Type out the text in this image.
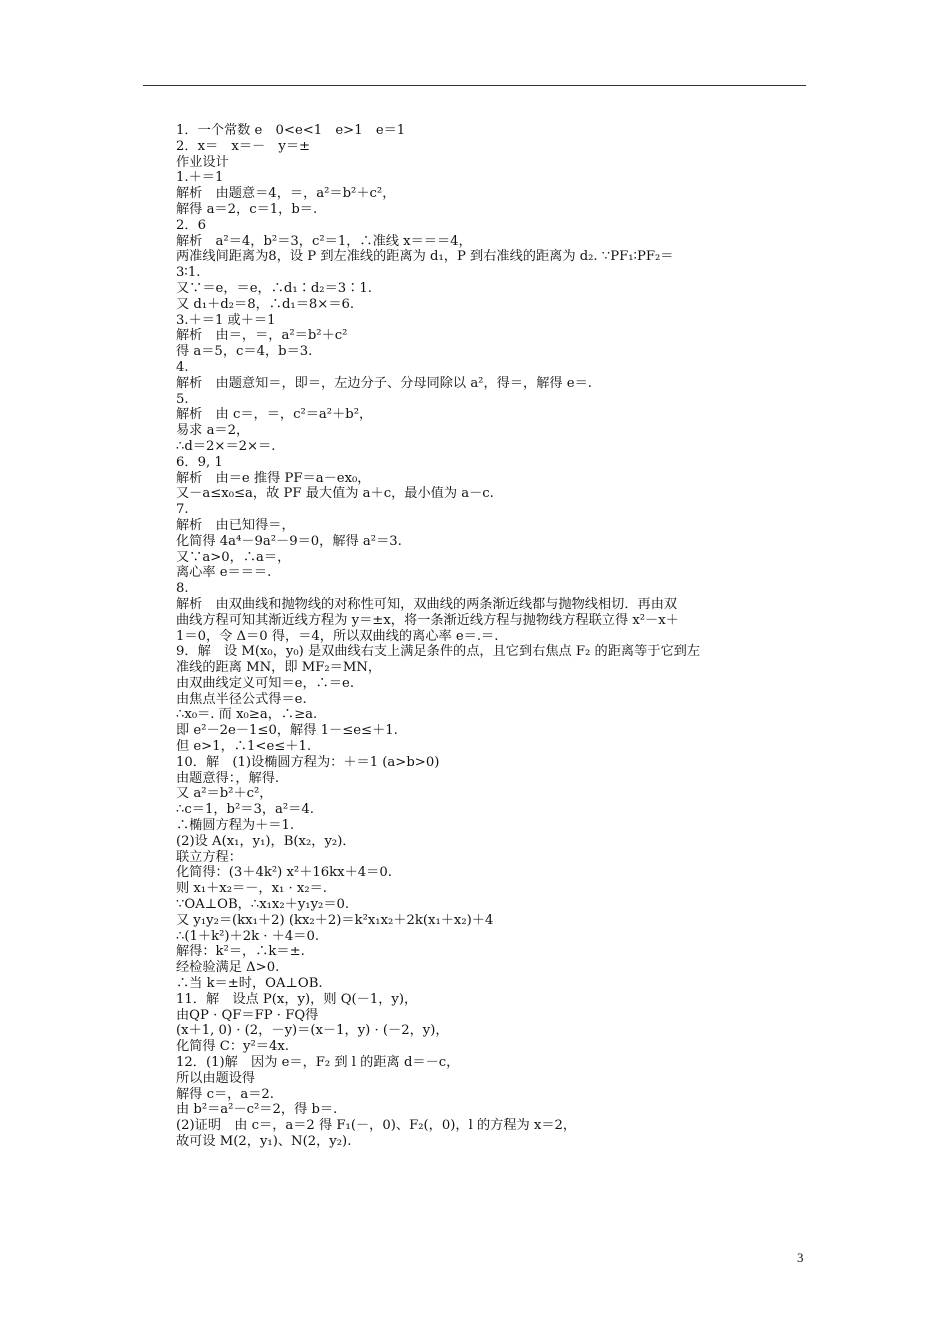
1．一个常数 e　0<e<1　e>1　e＝1
2．x＝　x＝－　y＝±
作业设计
1.＋＝1
解析　由题意＝4，＝，a²＝b²＋c²，
解得 a＝2，c＝1，b＝.
2．6
解析　a²＝4，b²＝3，c²＝1，∴准线 x＝＝＝4，
两准线间距离为8，设 P 到左准线的距离为 d₁，P 到右准线的距离为 d₂. ∵PF₁∶PF₂＝
3∶1.
又∵＝e，＝e，∴d₁∶d₂＝3∶1.
又 d₁＋d₂＝8，∴d₁＝8×＝6.
3.＋＝1 或＋＝1
解析　由＝，＝，a²＝b²＋c²
得 a＝5，c＝4，b＝3.
4.
解析　由题意知＝，即＝，左边分子、分母同除以 a²，得＝，解得 e＝.
5.
解析　由 c＝，＝，c²＝a²＋b²，
易求 a＝2，
∴d＝2×＝2×＝.
6．9, 1
解析　由＝e 推得 PF＝a－ex₀，
又－a≤x₀≤a，故 PF 最大值为 a＋c，最小值为 a－c.
7.
解析　由已知得＝，
化简得 4a⁴－9a²－9＝0，解得 a²＝3.
又∵a>0，∴a＝，
离心率 e＝＝＝.
8.
解析　由双曲线和抛物线的对称性可知，双曲线的两条渐近线都与抛物线相切．再由双
曲线方程可知其渐近线方程为 y＝±x，将一条渐近线方程与抛物线方程联立得 x²－x＋
1＝0，令 Δ＝0 得，＝4，所以双曲线的离心率 e＝.＝.
9．解　设 M(x₀，y₀) 是双曲线右支上满足条件的点，且它到右焦点 F₂ 的距离等于它到左
准线的距离 MN，即 MF₂＝MN，
由双曲线定义可知＝e，∴＝e.
由焦点半径公式得＝e.
∴x₀＝. 而 x₀≥a，∴≥a.
即 e²－2e－1≤0，解得 1－≤e≤＋1.
但 e>1，∴1<e≤＋1.
10．解　(1)设椭圆方程为：＋＝1 (a>b>0)
由题意得：，解得.
又 a²＝b²＋c²，
∴c＝1，b²＝3，a²＝4.
∴椭圆方程为＋＝1.
(2)设 A(x₁，y₁)，B(x₂，y₂)．
联立方程：
化简得：(3＋4k²) x²＋16kx＋4＝0.
则 x₁＋x₂＝－，x₁ · x₂＝.
∵OA⊥OB，∴x₁x₂＋y₁y₂＝0.
又 y₁y₂＝(kx₁＋2) (kx₂＋2)＝k²x₁x₂＋2k(x₁＋x₂)＋4
∴(1＋k²)＋2k · ＋4＝0.
解得：k²＝，∴k＝±.
经检验满足 Δ>0.
∴当 k＝±时，OA⊥OB.
11．解　设点 P(x，y)，则 Q(－1，y)，
由QP · QF＝FP · FQ得
(x＋1, 0) · (2，－y)＝(x－1，y) · (－2，y)，
化简得 C：y²＝4x.
12．(1)解　因为 e＝，F₂ 到 l 的距离 d＝－c，
所以由题设得
解得 c＝，a＝2.
由 b²＝a²－c²＝2，得 b＝.
(2)证明　由 c＝，a＝2 得 F₁(－，0)、F₂(，0)，l 的方程为 x＝2，
故可设 M(2，y₁)、N(2，y₂).
3
